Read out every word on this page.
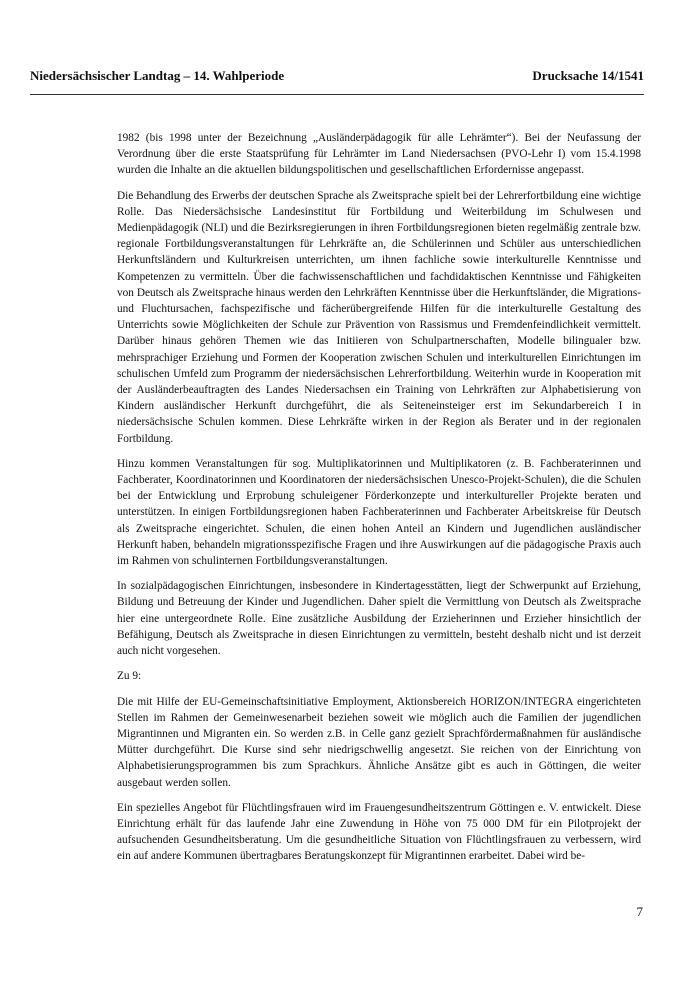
Niedersächsischer Landtag – 14. Wahlperiode	Drucksache 14/1541

1982 (bis 1998 unter der Bezeichnung „Ausländerpädagogik für alle Lehrämter“). Bei der Neufassung der Verordnung über die erste Staatsprüfung für Lehrämter im Land Niedersachsen (PVO-Lehr I) vom 15.4.1998 wurden die Inhalte an die aktuellen bildungspolitischen und gesellschaftlichen Erfordernisse angepasst.

Die Behandlung des Erwerbs der deutschen Sprache als Zweitsprache spielt bei der Lehrerfortbildung eine wichtige Rolle. Das Niedersächsische Landesinstitut für Fortbildung und Weiterbildung im Schulwesen und Medienpädagogik (NLI) und die Bezirksregierungen in ihren Fortbildungsregionen bieten regelmäßig zentrale bzw. regionale Fortbildungsveranstaltungen für Lehrkräfte an, die Schülerinnen und Schüler aus unterschiedlichen Herkunftsländern und Kulturkreisen unterrichten, um ihnen fachliche sowie interkulturelle Kenntnisse und Kompetenzen zu vermitteln. Über die fachwissenschaftlichen und fachdidaktischen Kenntnisse und Fähigkeiten von Deutsch als Zweitsprache hinaus werden den Lehrkräften Kenntnisse über die Herkunftsländer, die Migrations- und Fluchtursachen, fachspezifische und fächerübergreifende Hilfen für die interkulturelle Gestaltung des Unterrichts sowie Möglichkeiten der Schule zur Prävention von Rassismus und Fremdenfeindlichkeit vermittelt. Darüber hinaus gehören Themen wie das Initiieren von Schulpartnerschaften, Modelle bilingualer bzw. mehrsprachiger Erziehung und Formen der Kooperation zwischen Schulen und interkulturellen Einrichtungen im schulischen Umfeld zum Programm der niedersächsischen Lehrerfortbildung. Weiterhin wurde in Kooperation mit der Ausländerbeauftragten des Landes Niedersachsen ein Training von Lehrkräften zur Alphabetisierung von Kindern ausländischer Herkunft durchgeführt, die als Seiteneinsteiger erst im Sekundarbereich I in niedersächsische Schulen kommen. Diese Lehrkräfte wirken in der Region als Berater und in der regionalen Fortbildung.

Hinzu kommen Veranstaltungen für sog. Multiplikatorinnen und Multiplikatoren (z. B. Fachberaterinnen und Fachberater, Koordinatorinnen und Koordinatoren der niedersächsischen Unesco-Projekt-Schulen), die die Schulen bei der Entwicklung und Erprobung schuleigener Förderkonzepte und interkultureller Projekte beraten und unterstützen. In einigen Fortbildungsregionen haben Fachberaterinnen und Fachberater Arbeitskreise für Deutsch als Zweitsprache eingerichtet. Schulen, die einen hohen Anteil an Kindern und Jugendlichen ausländischer Herkunft haben, behandeln migrationsspezifische Fragen und ihre Auswirkungen auf die pädagogische Praxis auch im Rahmen von schulinternen Fortbildungsveranstaltungen.

In sozialpädagogischen Einrichtungen, insbesondere in Kindertagesstätten, liegt der Schwerpunkt auf Erziehung, Bildung und Betreuung der Kinder und Jugendlichen. Daher spielt die Vermittlung von Deutsch als Zweitsprache hier eine untergeordnete Rolle. Eine zusätzliche Ausbildung der Erzieherinnen und Erzieher hinsichtlich der Befähigung, Deutsch als Zweitsprache in diesen Einrichtungen zu vermitteln, besteht deshalb nicht und ist derzeit auch nicht vorgesehen.

Zu 9:

Die mit Hilfe der EU-Gemeinschaftsinitiative Employment, Aktionsbereich HORIZON/INTEGRA eingerichteten Stellen im Rahmen der Gemeinwesenarbeit beziehen soweit wie möglich auch die Familien der jugendlichen Migrantinnen und Migranten ein. So werden z.B. in Celle ganz gezielt Sprachfördermaßnahmen für ausländische Mütter durchgeführt. Die Kurse sind sehr niedrigschwellig angesetzt. Sie reichen von der Einrichtung von Alphabetisierungsprogrammen bis zum Sprachkurs. Ähnliche Ansätze gibt es auch in Göttingen, die weiter ausgebaut werden sollen.

Ein spezielles Angebot für Flüchtlingsfrauen wird im Frauengesundheitszentrum Göttingen e. V. entwickelt. Diese Einrichtung erhält für das laufende Jahr eine Zuwendung in Höhe von 75 000 DM für ein Pilotprojekt der aufsuchenden Gesundheitsberatung. Um die gesundheitliche Situation von Flüchtlingsfrauen zu verbessern, wird ein auf andere Kommunen übertragbares Beratungskonzept für Migrantinnen erarbeitet. Dabei wird be-

7
